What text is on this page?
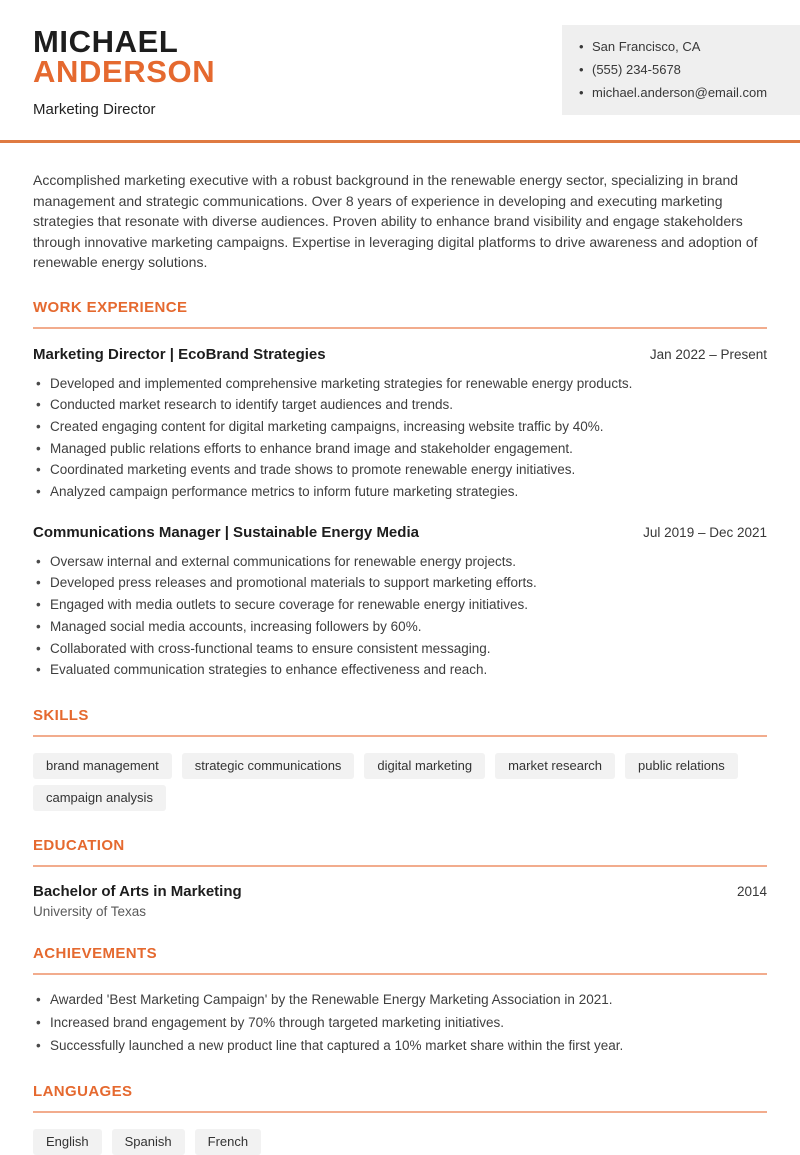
MICHAEL
ANDERSON
Marketing Director
• San Francisco, CA
• (555) 234-5678
• michael.anderson@email.com

Accomplished marketing executive with a robust background in the renewable energy sector, specializing in brand management and strategic communications. Over 8 years of experience in developing and executing marketing strategies that resonate with diverse audiences. Proven ability to enhance brand visibility and engage stakeholders through innovative marketing campaigns. Expertise in leveraging digital platforms to drive awareness and adoption of renewable energy solutions.

WORK EXPERIENCE
Marketing Director | EcoBrand Strategies	Jan 2022 – Present
• Developed and implemented comprehensive marketing strategies for renewable energy products.
• Conducted market research to identify target audiences and trends.
• Created engaging content for digital marketing campaigns, increasing website traffic by 40%.
• Managed public relations efforts to enhance brand image and stakeholder engagement.
• Coordinated marketing events and trade shows to promote renewable energy initiatives.
• Analyzed campaign performance metrics to inform future marketing strategies.
Communications Manager | Sustainable Energy Media	Jul 2019 – Dec 2021
• Oversaw internal and external communications for renewable energy projects.
• Developed press releases and promotional materials to support marketing efforts.
• Engaged with media outlets to secure coverage for renewable energy initiatives.
• Managed social media accounts, increasing followers by 60%.
• Collaborated with cross-functional teams to ensure consistent messaging.
• Evaluated communication strategies to enhance effectiveness and reach.
SKILLS
brand management	strategic communications	digital marketing	market research	public relations
campaign analysis
EDUCATION
Bachelor of Arts in Marketing	2014
University of Texas
ACHIEVEMENTS
• Awarded 'Best Marketing Campaign' by the Renewable Energy Marketing Association in 2021.
• Increased brand engagement by 70% through targeted marketing initiatives.
• Successfully launched a new product line that captured a 10% market share within the first year.
LANGUAGES
English	Spanish	French
